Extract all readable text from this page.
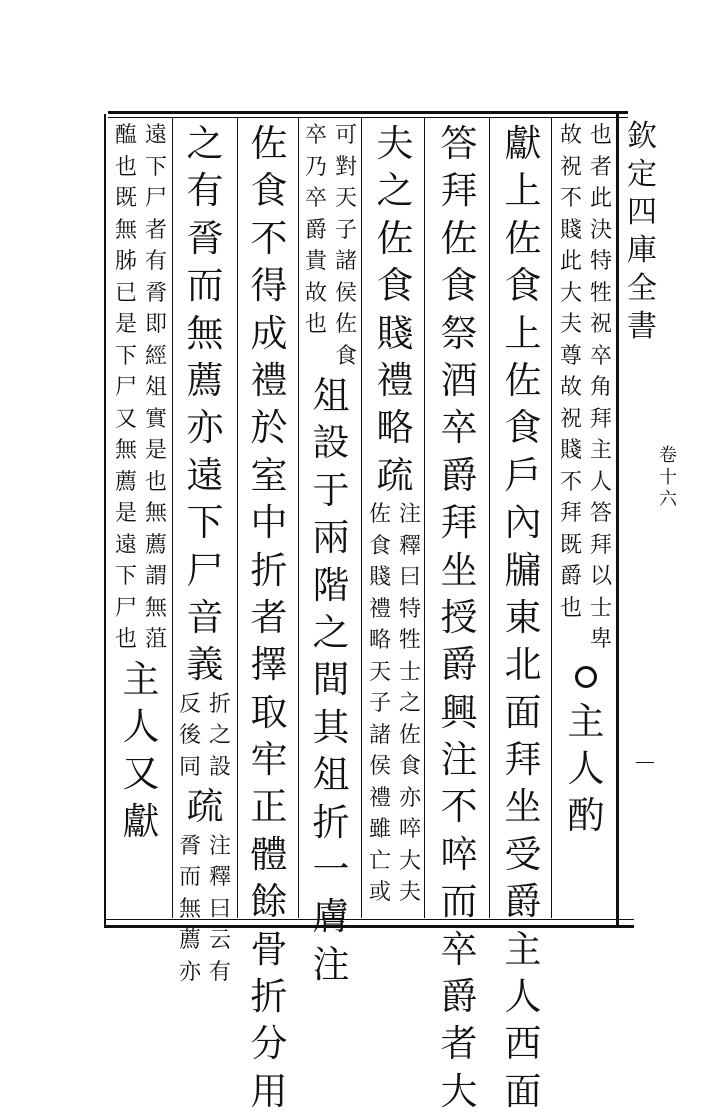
欽
定
四
庫
全
書
卷
十
六
故
祝
不
賤
此
大
夫
尊
故
祝
賤
不
拜
既
爵
也
也
者
此
決
特
牲
祝
卒
角
拜
主
人
答
拜
以
士
卑
主
人
酌
獻
上
佐
食
上
佐
食
戶
內
牖
東
北
面
拜
坐
受
爵
主
人
西
面
答
拜
佐
食
祭
酒
卒
爵
拜
坐
授
爵
興
注
不
啐
而
卒
爵
者
大
夫
之
佐
食
賤
禮
略
疏
佐
食
賤
禮
略
天
子
諸
侯
禮
雖
亡
或
注
釋
曰
特
牲
士
之
佐
食
亦
啐
大
夫
卒
乃
卒
爵
貴
故
也
可
對
天
子
諸
侯
佐
食
俎
設
于
兩
階
之
間
其
俎
折
一
膚
注
佐
食
不
得
成
禮
於
室
中
折
者
擇
取
牢
正
體
餘
骨
折
分
用
之
有
脀
而
無
薦
亦
遠
下
尸
音
義
反
後
同
折
之
設
疏
脀
而
無
薦
亦
注
釋
曰
云
有
醢
也
既
無
胏
已
是
下
尸
又
無
薦
是
遠
下
尸
也
遠
下
尸
者
有
脀
即
經
俎
實
是
也
無
薦
謂
無
菹
主
人
又
獻
